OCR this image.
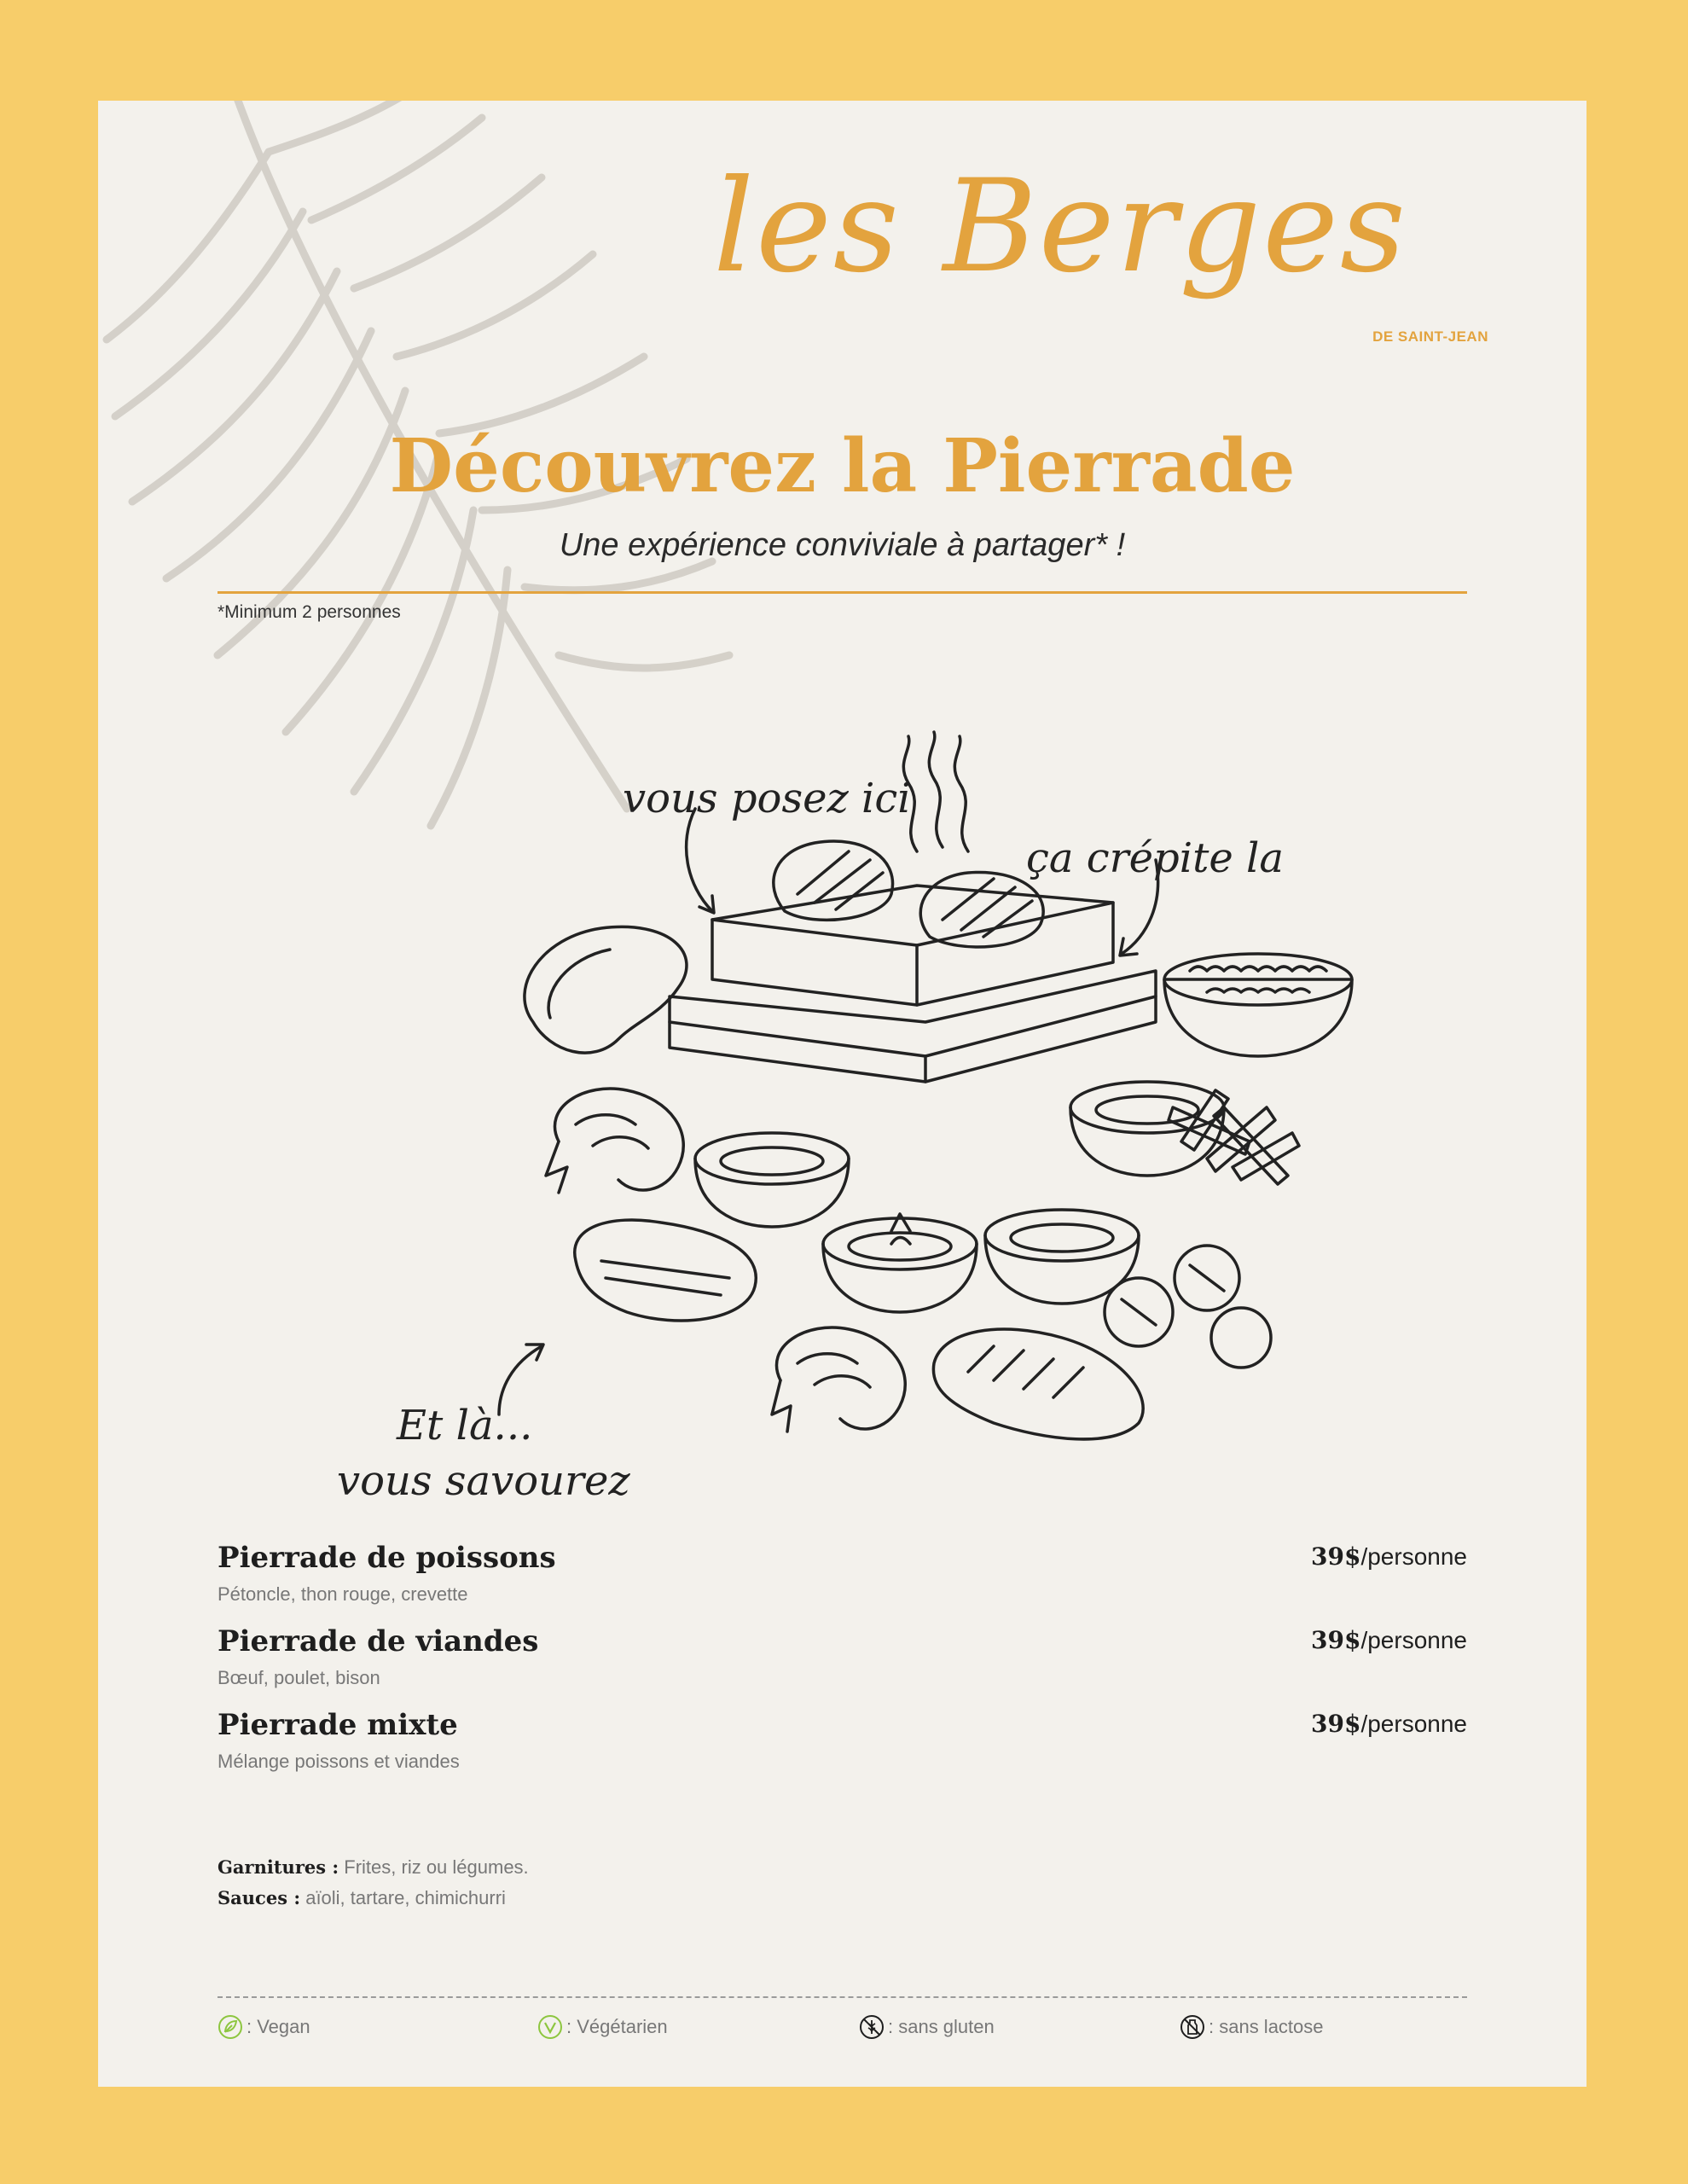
les Berges
DE SAINT-JEAN
Découvrez la Pierrade
Une expérience conviviale à partager* !
*Minimum 2 personnes
vous posez ici
ça crépite la
Et là...
vous savourez
Pierrade de poissons
Pétoncle, thon rouge, crevette
39$/personne
Pierrade de viandes
Bœuf, poulet, bison
39$/personne
Pierrade mixte
Mélange poissons et viandes
39$/personne
Garnitures : Frites, riz ou légumes.
Sauces : aïoli, tartare, chimichurri
: Vegan	: Végétarien	: sans gluten	: sans lactose
